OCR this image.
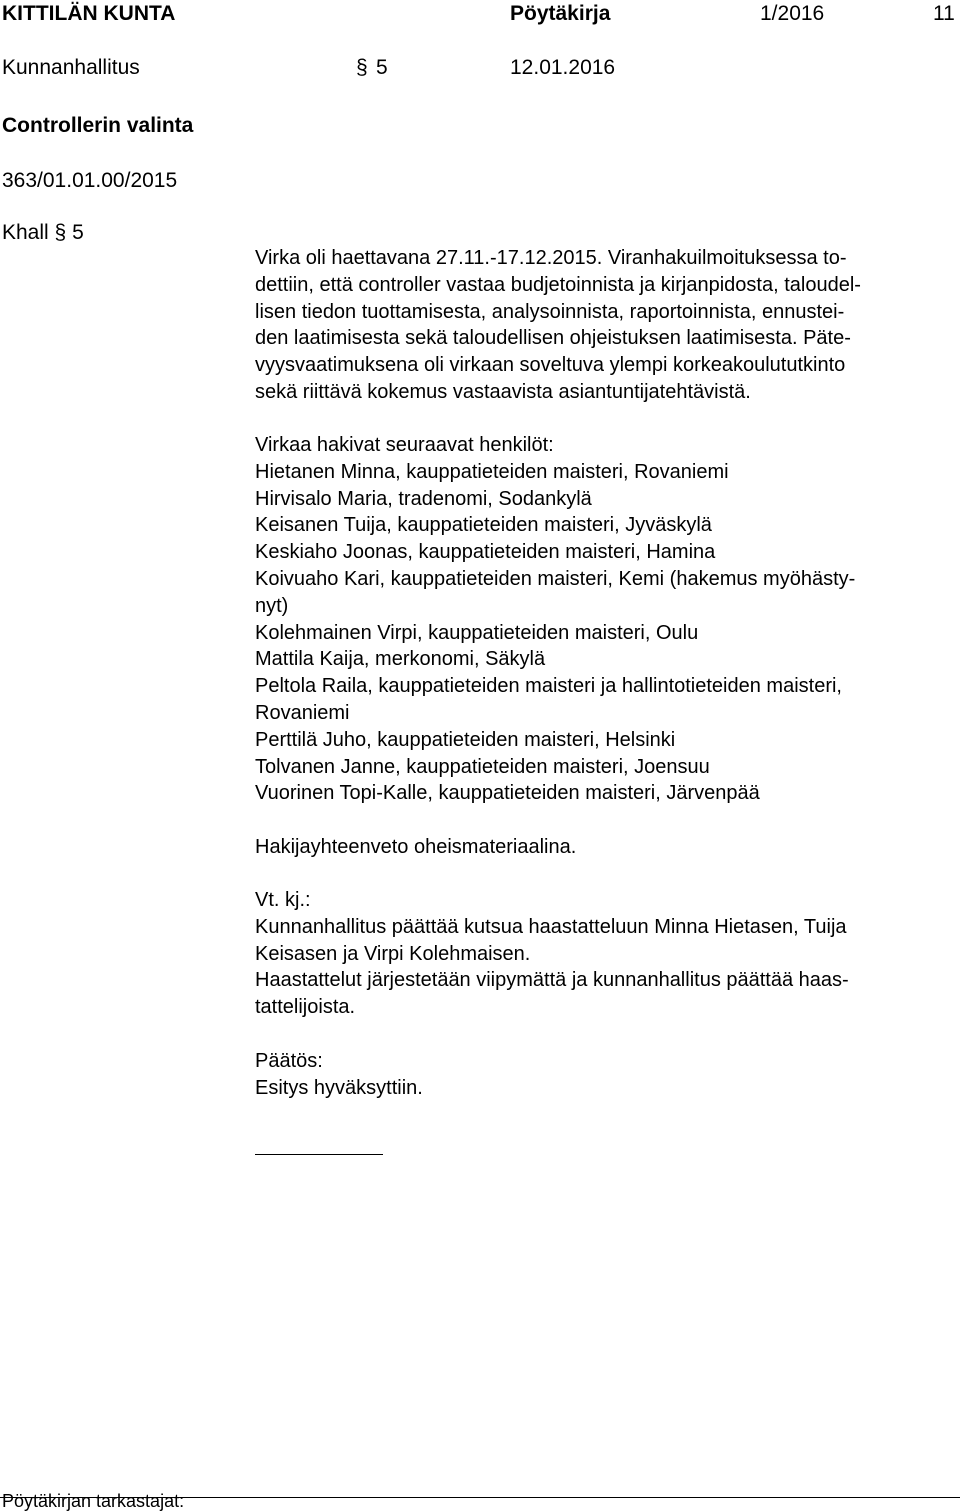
KITTILÄN KUNTA	Pöytäkirja	1/2016	11
Kunnanhallitus	§ 5	12.01.2016
Controllerin valinta
363/01.01.00/2015
Khall § 5

Virka oli haettavana 27.11.-17.12.2015. Viranhakuilmoituksessa to-

dettiin, että controller vastaa budjetoinnista ja kirjanpidosta, taloudel-

lisen tiedon tuottamisesta, analysoinnista, raportoinnista, ennustei-

den laatimisesta sekä taloudellisen ohjeistuksen laatimisesta. Päte-

vyysvaatimuksena oli virkaan soveltuva ylempi korkeakoulututkinto

sekä riittävä kokemus vastaavista asiantuntijatehtävistä.

Virkaa hakivat seuraavat henkilöt:

Hietanen Minna, kauppatieteiden maisteri, Rovaniemi

Hirvisalo Maria, tradenomi, Sodankylä

Keisanen Tuija, kauppatieteiden maisteri, Jyväskylä

Keskiaho Joonas, kauppatieteiden maisteri, Hamina

Koivuaho Kari, kauppatieteiden maisteri, Kemi (hakemus myöhästy-

nyt)

Kolehmainen Virpi, kauppatieteiden maisteri, Oulu

Mattila Kaija, merkonomi, Säkylä

Peltola Raila, kauppatieteiden maisteri ja hallintotieteiden maisteri,

Rovaniemi

Perttilä Juho, kauppatieteiden maisteri, Helsinki

Tolvanen Janne, kauppatieteiden maisteri, Joensuu

Vuorinen Topi-Kalle, kauppatieteiden maisteri, Järvenpää

Hakijayhteenveto oheismateriaalina.

Vt. kj.:

Kunnanhallitus päättää kutsua haastatteluun Minna Hietasen, Tuija

Keisasen ja Virpi Kolehmaisen.

Haastattelut järjestetään viipymättä ja kunnanhallitus päättää haas-

tattelijoista.

Päätös:

Esitys hyväksyttiin.

Pöytäkirjan tarkastajat:
